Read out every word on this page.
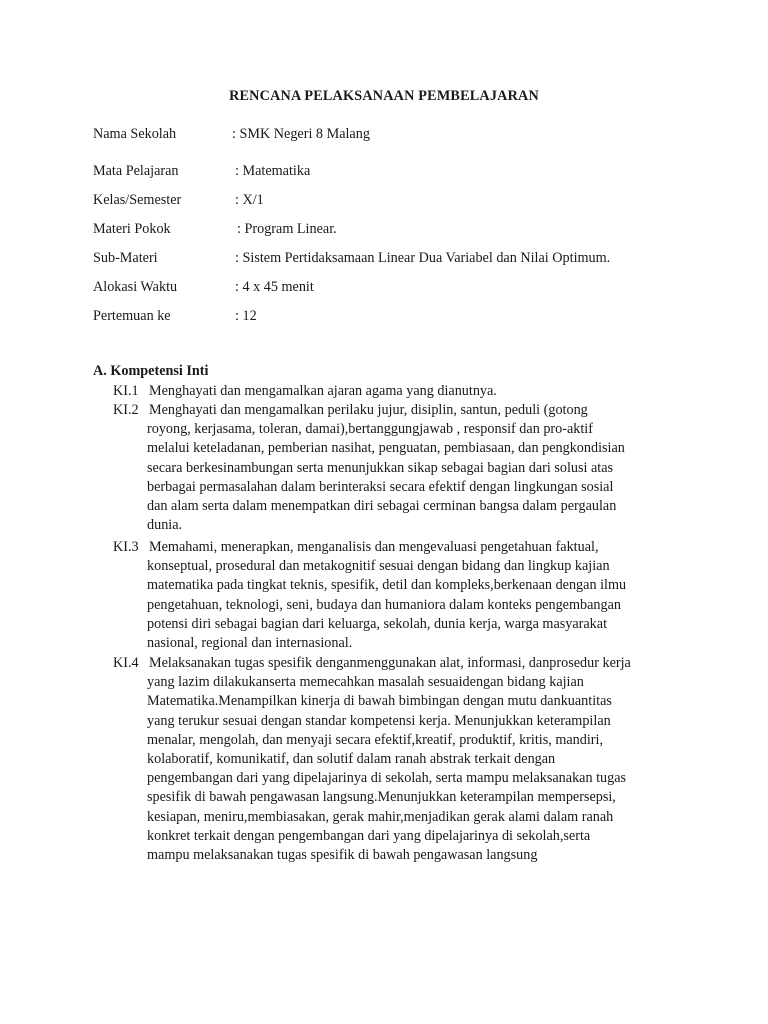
RENCANA PELAKSANAAN PEMBELAJARAN
Nama Sekolah	: SMK Negeri 8 Malang
Mata Pelajaran	: Matematika
Kelas/Semester	: X/1
Materi Pokok	: Program Linear.
Sub-Materi	: Sistem Pertidaksamaan Linear Dua Variabel dan Nilai Optimum.
Alokasi Waktu	: 4 x 45 menit
Pertemuan ke	: 12
A. Kompetensi Inti
KI.1 Menghayati dan mengamalkan ajaran agama yang dianutnya.
KI.2 Menghayati dan mengamalkan perilaku jujur, disiplin, santun, peduli (gotong
royong, kerjasama, toleran, damai),bertanggungjawab , responsif dan pro-aktif
melalui keteladanan, pemberian nasihat, penguatan, pembiasaan, dan pengkondisian
secara berkesinambungan serta menunjukkan sikap sebagai bagian dari solusi atas
berbagai permasalahan dalam berinteraksi secara efektif dengan lingkungan sosial
dan alam serta dalam menempatkan diri sebagai cerminan bangsa dalam pergaulan
dunia.
KI.3 Memahami, menerapkan, menganalisis dan mengevaluasi pengetahuan faktual,
konseptual, prosedural dan metakognitif sesuai dengan bidang dan lingkup kajian
matematika pada tingkat teknis, spesifik, detil dan kompleks,berkenaan dengan ilmu
pengetahuan, teknologi, seni, budaya dan humaniora dalam konteks pengembangan
potensi diri sebagai bagian dari keluarga, sekolah, dunia kerja, warga masyarakat
nasional, regional dan internasional.
KI.4 Melaksanakan tugas spesifik denganmenggunakan alat, informasi, danprosedur kerja
yang lazim dilakukanserta memecahkan masalah sesuaidengan bidang kajian
Matematika.Menampilkan kinerja di bawah bimbingan dengan mutu dankuantitas
yang terukur sesuai dengan standar kompetensi kerja. Menunjukkan keterampilan
menalar, mengolah, dan menyaji secara efektif,kreatif, produktif, kritis, mandiri,
kolaboratif, komunikatif, dan solutif dalam ranah abstrak terkait dengan
pengembangan dari yang dipelajarinya di sekolah, serta mampu melaksanakan tugas
spesifik di bawah pengawasan langsung.Menunjukkan keterampilan mempersepsi,
kesiapan, meniru,membiasakan, gerak mahir,menjadikan gerak alami dalam ranah
konkret terkait dengan pengembangan dari yang dipelajarinya di sekolah,serta
mampu melaksanakan tugas spesifik di bawah pengawasan langsung
